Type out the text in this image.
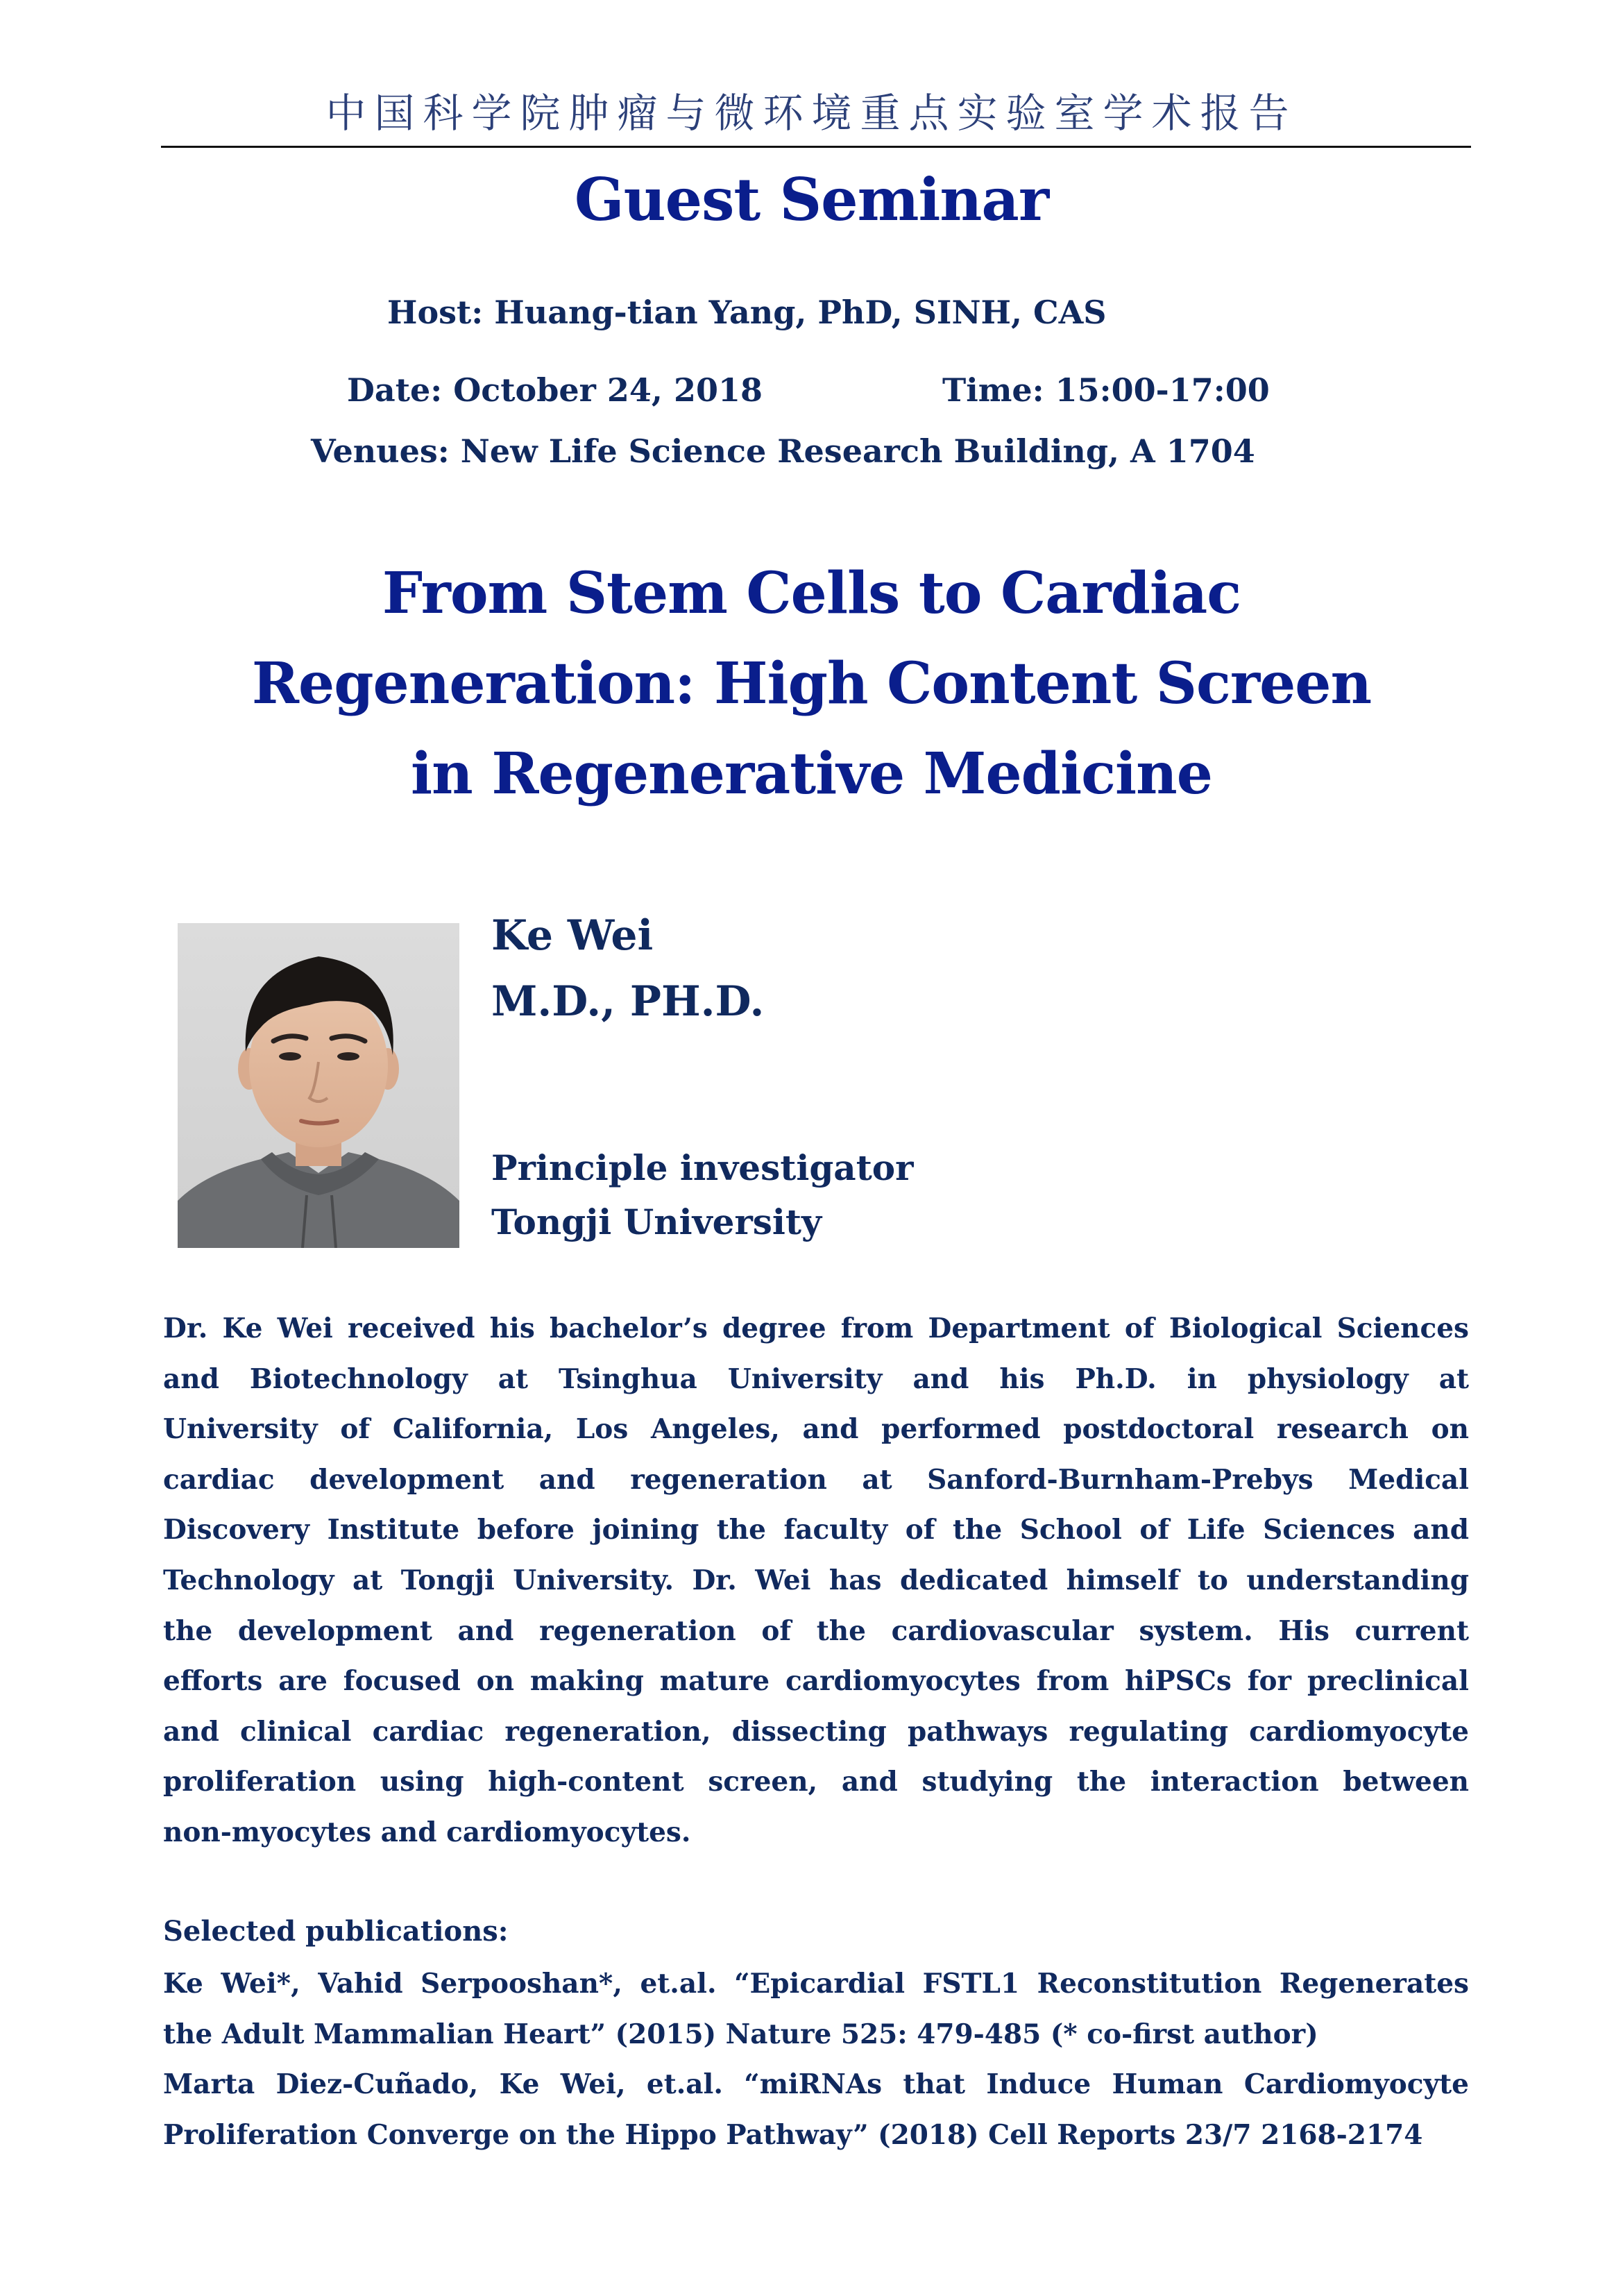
中国科学院肿瘤与微环境重点实验室学术报告
Guest Seminar
Host: Huang-tian Yang, PhD, SINH, CAS
Date: October 24, 2018	Time: 15:00-17:00
Venues: New Life Science Research Building, A 1704
From Stem Cells to Cardiac
Regeneration: High Content Screen
in Regenerative Medicine
Ke Wei
M.D., PH.D.
Principle investigator
Tongji University
Dr. Ke Wei received his bachelor’s degree from Department of Biological Sciences
and Biotechnology at Tsinghua University and his Ph.D. in physiology at
University of California, Los Angeles, and performed postdoctoral research on
cardiac development and regeneration at Sanford-Burnham-Prebys Medical
Discovery Institute before joining the faculty of the School of Life Sciences and
Technology at Tongji University. Dr. Wei has dedicated himself to understanding
the development and regeneration of the cardiovascular system. His current
efforts are focused on making mature cardiomyocytes from hiPSCs for preclinical
and clinical cardiac regeneration, dissecting pathways regulating cardiomyocyte
proliferation using high-content screen, and studying the interaction between
non-myocytes and cardiomyocytes.
Selected publications:
Ke Wei*, Vahid Serpooshan*, et.al. “Epicardial FSTL1 Reconstitution Regenerates
the Adult Mammalian Heart” (2015) Nature 525: 479-485 (* co-first author)
Marta Diez-Cuñado, Ke Wei, et.al. “miRNAs that Induce Human Cardiomyocyte
Proliferation Converge on the Hippo Pathway” (2018) Cell Reports 23/7 2168-2174
